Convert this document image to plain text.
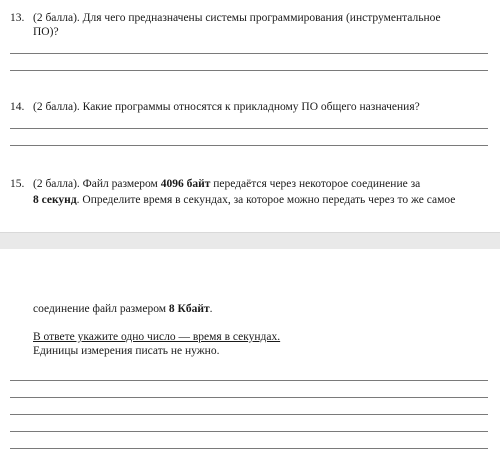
13. (2 балла). Для чего предназначены системы программирования (инструментальное
ПО)?
14. (2 балла). Какие программы относятся к прикладному ПО общего назначения?
15. (2 балла). Файл размером 4096 байт передаётся через некоторое соединение за
8 секунд. Определите время в секундах, за которое можно передать через то же самое
соединение файл размером 8 Кбайт.
В ответе укажите одно число — время в секундах.
Единицы измерения писать не нужно.
